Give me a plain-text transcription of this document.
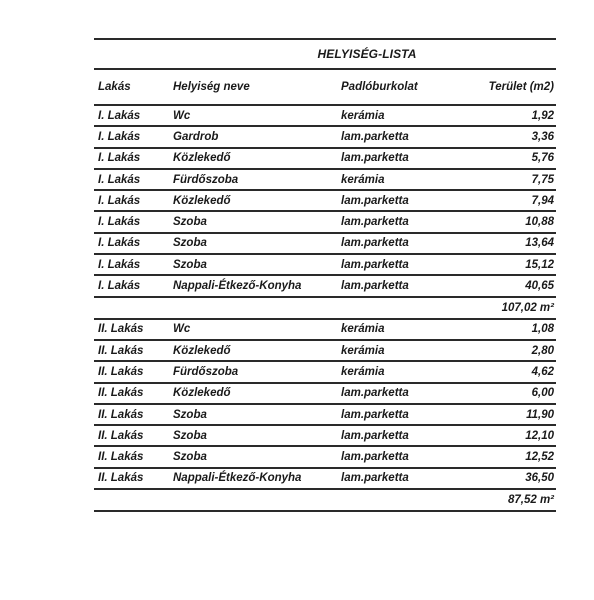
HELYISÉG-LISTA
Lakás	Helyiség neve	Padlóburkolat	Terület (m2)
I. Lakás	Wc	kerámia	1,92
I. Lakás	Gardrob	lam.parketta	3,36
I. Lakás	Közlekedő	lam.parketta	5,76
I. Lakás	Fürdőszoba	kerámia	7,75
I. Lakás	Közlekedő	lam.parketta	7,94
I. Lakás	Szoba	lam.parketta	10,88
I. Lakás	Szoba	lam.parketta	13,64
I. Lakás	Szoba	lam.parketta	15,12
I. Lakás	Nappali-Étkező-Konyha	lam.parketta	40,65
107,02 m²
II. Lakás	Wc	kerámia	1,08
II. Lakás	Közlekedő	kerámia	2,80
II. Lakás	Fürdőszoba	kerámia	4,62
II. Lakás	Közlekedő	lam.parketta	6,00
II. Lakás	Szoba	lam.parketta	11,90
II. Lakás	Szoba	lam.parketta	12,10
II. Lakás	Szoba	lam.parketta	12,52
II. Lakás	Nappali-Étkező-Konyha	lam.parketta	36,50
87,52 m²
